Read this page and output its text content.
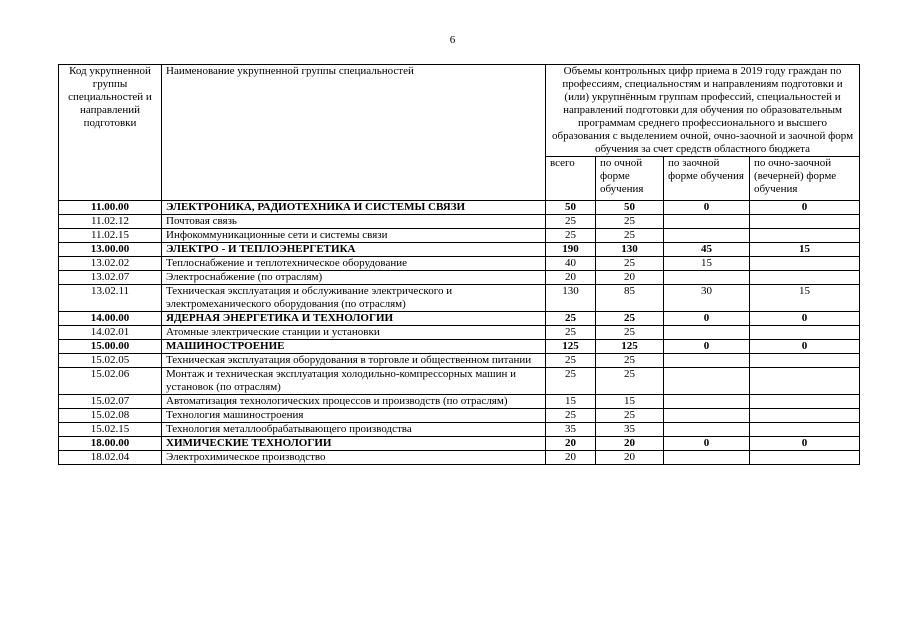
6
Код укрупненной группы специальностей и направлений подготовки	Наименование укрупненной группы специальностей	Объемы контрольных цифр приема в 2019 году граждан по профессиям, специальностям и направлениям подготовки и (или) укрупнённым группам профессий, специальностей и направлений подготовки для обучения по образовательным программам среднего профессионального и высшего образования с выделением очной, очно-заочной и заочной форм обучения за счет средств областного бюджета			
		всего	по очной форме обучения	по заочной форме обучения	по очно-заочной (вечерней) форме обучения
11.00.00	ЭЛЕКТРОНИКА, РАДИОТЕХНИКА И СИСТЕМЫ СВЯЗИ	50	50	0	0
11.02.12	Почтовая связь	25	25		
11.02.15	Инфокоммуникационные сети и системы связи	25	25		
13.00.00	ЭЛЕКТРО - И ТЕПЛОЭНЕРГЕТИКА	190	130	45	15
13.02.02	Теплоснабжение и теплотехническое оборудование	40	25	15	
13.02.07	Электроснабжение (по отраслям)	20	20		
13.02.11	Техническая эксплуатация и обслуживание электрического и электромеханического оборудования (по отраслям)	130	85	30	15
14.00.00	ЯДЕРНАЯ ЭНЕРГЕТИКА И ТЕХНОЛОГИИ	25	25	0	0
14.02.01	Атомные электрические станции и установки	25	25		
15.00.00	МАШИНОСТРОЕНИЕ	125	125	0	0
15.02.05	Техническая эксплуатация оборудования в торговле и общественном питании	25	25		
15.02.06	Монтаж и техническая эксплуатация холодильно-компрессорных машин и установок (по отраслям)	25	25		
15.02.07	Автоматизация технологических процессов и производств (по отраслям)	15	15		
15.02.08	Технология машиностроения	25	25		
15.02.15	Технология металлообрабатывающего производства	35	35		
18.00.00	ХИМИЧЕСКИЕ ТЕХНОЛОГИИ	20	20	0	0
18.02.04	Электрохимическое производство	20	20		
